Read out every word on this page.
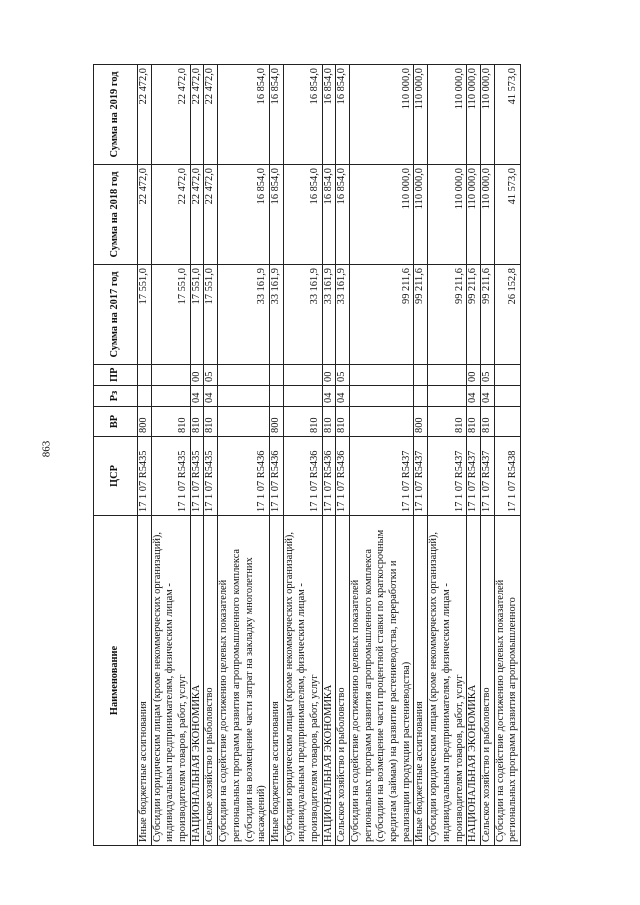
863
Наименование	ЦСР	ВР	Рз	ПР	Сумма на 2017 год	Сумма на 2018 год	Сумма на 2019 год
Иные бюджетные ассигнования	17 1 07 R5435	800			17 551,0	22 472,0	22 472,0
Субсидии юридическим лицам (кроме некоммерческих организаций), индивидуальным предпринимателям, физическим лицам - производителям товаров, работ, услуг	17 1 07 R5435	810			17 551,0	22 472,0	22 472,0
НАЦИОНАЛЬНАЯ ЭКОНОМИКА	17 1 07 R5435	810	04	00	17 551,0	22 472,0	22 472,0
Сельское хозяйство и рыболовство	17 1 07 R5435	810	04	05	17 551,0	22 472,0	22 472,0
Субсидии на содействие достижению целевых показателей региональных программ развития агропромышленного комплекса (субсидии на возмещение части затрат на закладку многолетних насаждений)	17 1 07 R5436				33 161,9	16 854,0	16 854,0
Иные бюджетные ассигнования	17 1 07 R5436	800			33 161,9	16 854,0	16 854,0
Субсидии юридическим лицам (кроме некоммерческих организаций), индивидуальным предпринимателям, физическим лицам - производителям товаров, работ, услуг	17 1 07 R5436	810			33 161,9	16 854,0	16 854,0
НАЦИОНАЛЬНАЯ ЭКОНОМИКА	17 1 07 R5436	810	04	00	33 161,9	16 854,0	16 854,0
Сельское хозяйство и рыболовство	17 1 07 R5436	810	04	05	33 161,9	16 854,0	16 854,0
Субсидии на содействие достижению целевых показателей региональных программ развития агропромышленного комплекса (субсидии на возмещение части процентной ставки по краткосрочным кредитам (займам) на развитие растениеводства, переработки и реализации продукции растениеводства)	17 1 07 R5437				99 211,6	110 000,0	110 000,0
Иные бюджетные ассигнования	17 1 07 R5437	800			99 211,6	110 000,0	110 000,0
Субсидии юридическим лицам (кроме некоммерческих организаций), индивидуальным предпринимателям, физическим лицам - производителям товаров, работ, услуг	17 1 07 R5437	810			99 211,6	110 000,0	110 000,0
НАЦИОНАЛЬНАЯ ЭКОНОМИКА	17 1 07 R5437	810	04	00	99 211,6	110 000,0	110 000,0
Сельское хозяйство и рыболовство	17 1 07 R5437	810	04	05	99 211,6	110 000,0	110 000,0
Субсидии на содействие достижению целевых показателей региональных программ развития агропромышленного	17 1 07 R5438				26 152,8	41 573,0	41 573,0
